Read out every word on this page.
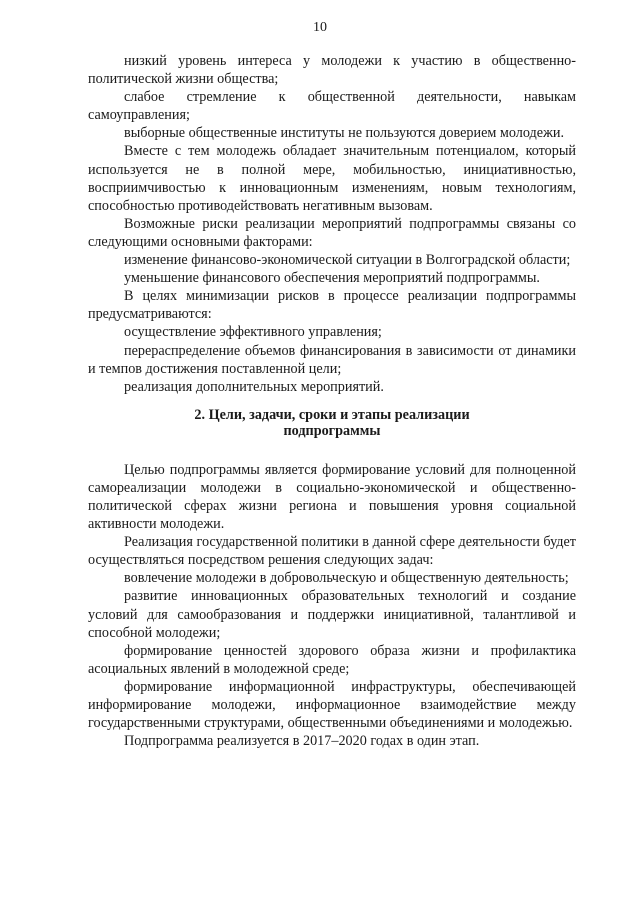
10

низкий уровень интереса у молодежи к участию в общественно-политической жизни общества;

слабое стремление к общественной деятельности, навыкам самоуправления;

выборные общественные институты не пользуются доверием молодежи.

Вместе с тем молодежь обладает значительным потенциалом, который используется не в полной мере, мобильностью, инициативностью, восприимчивостью к инновационным изменениям, новым технологиям, способностью противодействовать негативным вызовам.

Возможные риски реализации мероприятий подпрограммы связаны со следующими основными факторами:

изменение финансово-экономической ситуации в Волгоградской области;

уменьшение финансового обеспечения мероприятий подпрограммы.

В целях минимизации рисков в процессе реализации подпрограммы предусматриваются:

осуществление эффективного управления;

перераспределение объемов финансирования в зависимости от динамики и темпов достижения поставленной цели;

реализация дополнительных мероприятий.

2. Цели, задачи, сроки и этапы реализации
подпрограммы

Целью подпрограммы является формирование условий для полноценной самореализации молодежи в социально-экономической и общественно-политической сферах жизни региона и повышения уровня социальной активности молодежи.

Реализация государственной политики в данной сфере деятельности будет осуществляться посредством решения следующих задач:

вовлечение молодежи в добровольческую и общественную деятельность;

развитие инновационных образовательных технологий и создание условий для самообразования и поддержки инициативной, талантливой и способной молодежи;

формирование ценностей здорового образа жизни и профилактика асоциальных явлений в молодежной среде;

формирование информационной инфраструктуры, обеспечивающей информирование молодежи, информационное взаимодействие между государственными структурами, общественными объединениями и молодежью.

Подпрограмма реализуется в 2017–2020 годах в один этап.
